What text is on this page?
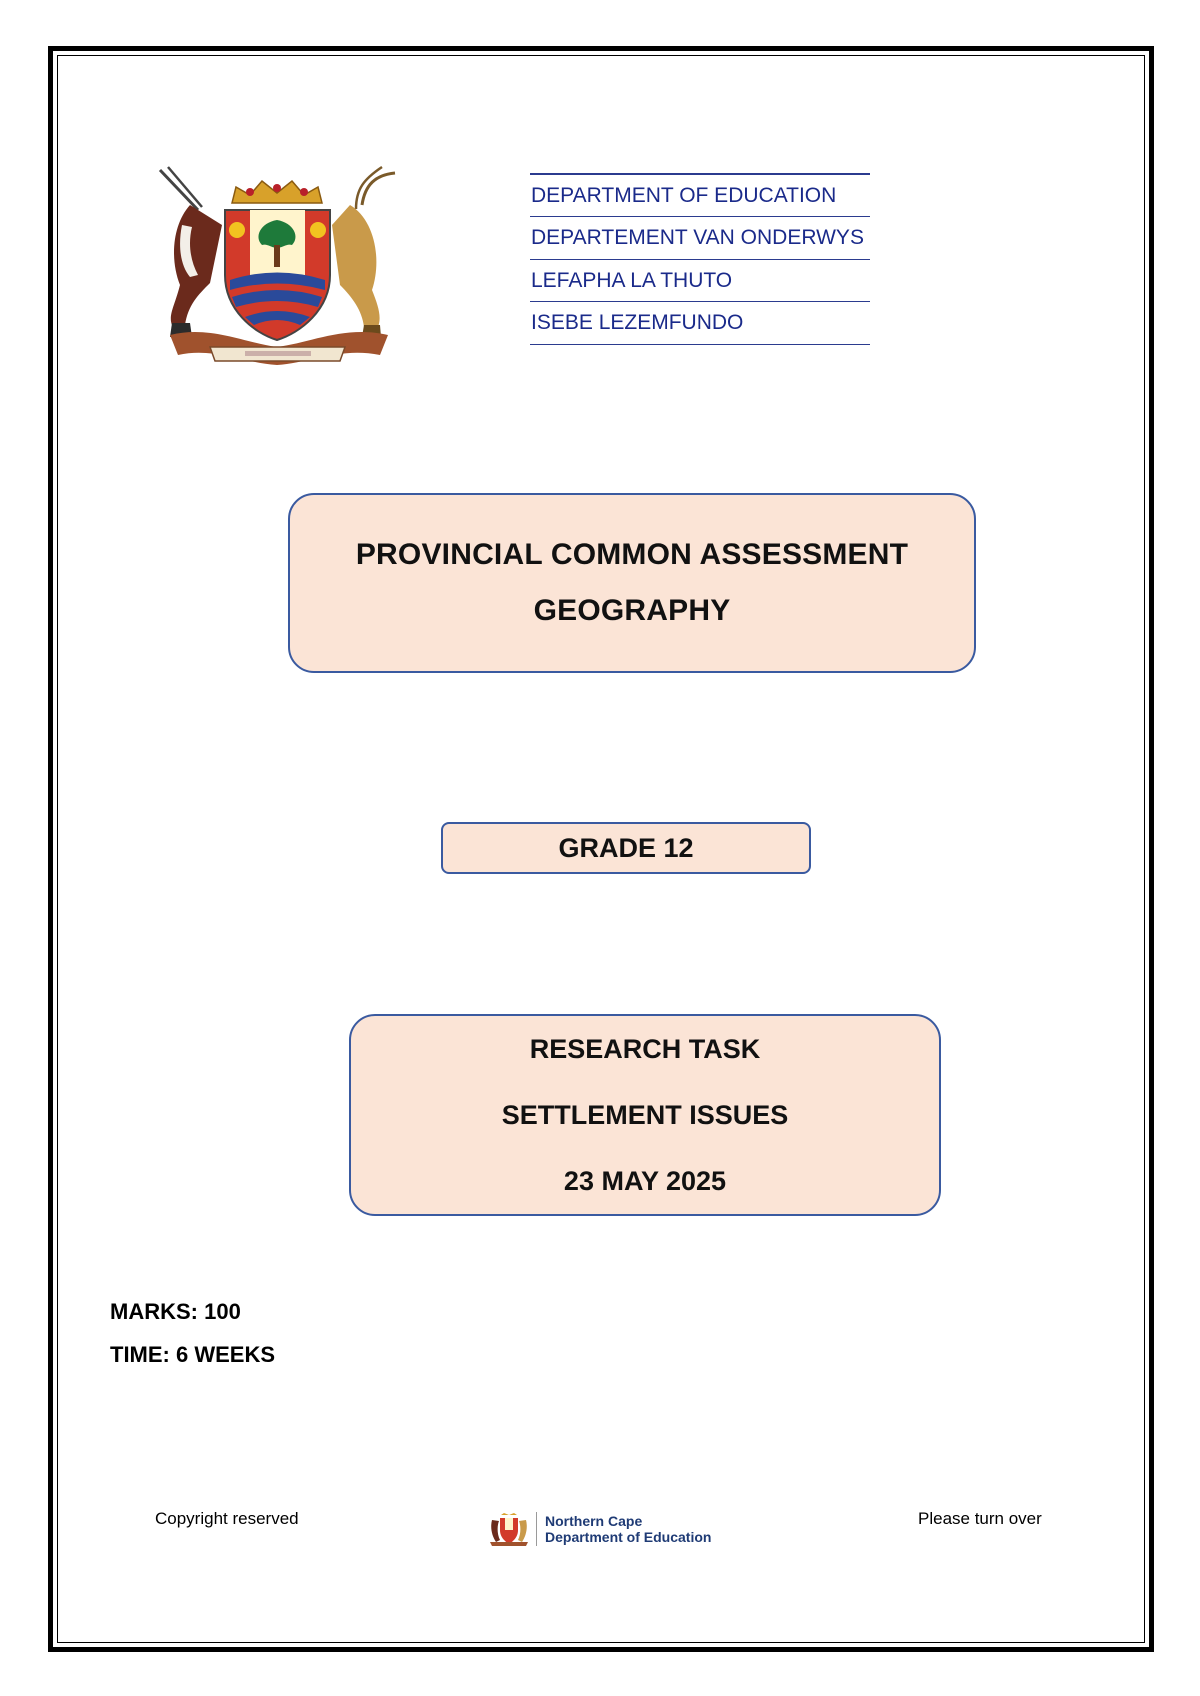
DEPARTMENT OF EDUCATION
DEPARTEMENT VAN ONDERWYS
LEFAPHA LA THUTO
ISEBE LEZEMFUNDO
PROVINCIAL COMMON ASSESSMENT
GEOGRAPHY
GRADE 12
RESEARCH TASK
SETTLEMENT ISSUES
23 MAY 2025
MARKS: 100
TIME: 6 WEEKS
Copyright reserved	Northern Cape
Department of Education
Please turn over
